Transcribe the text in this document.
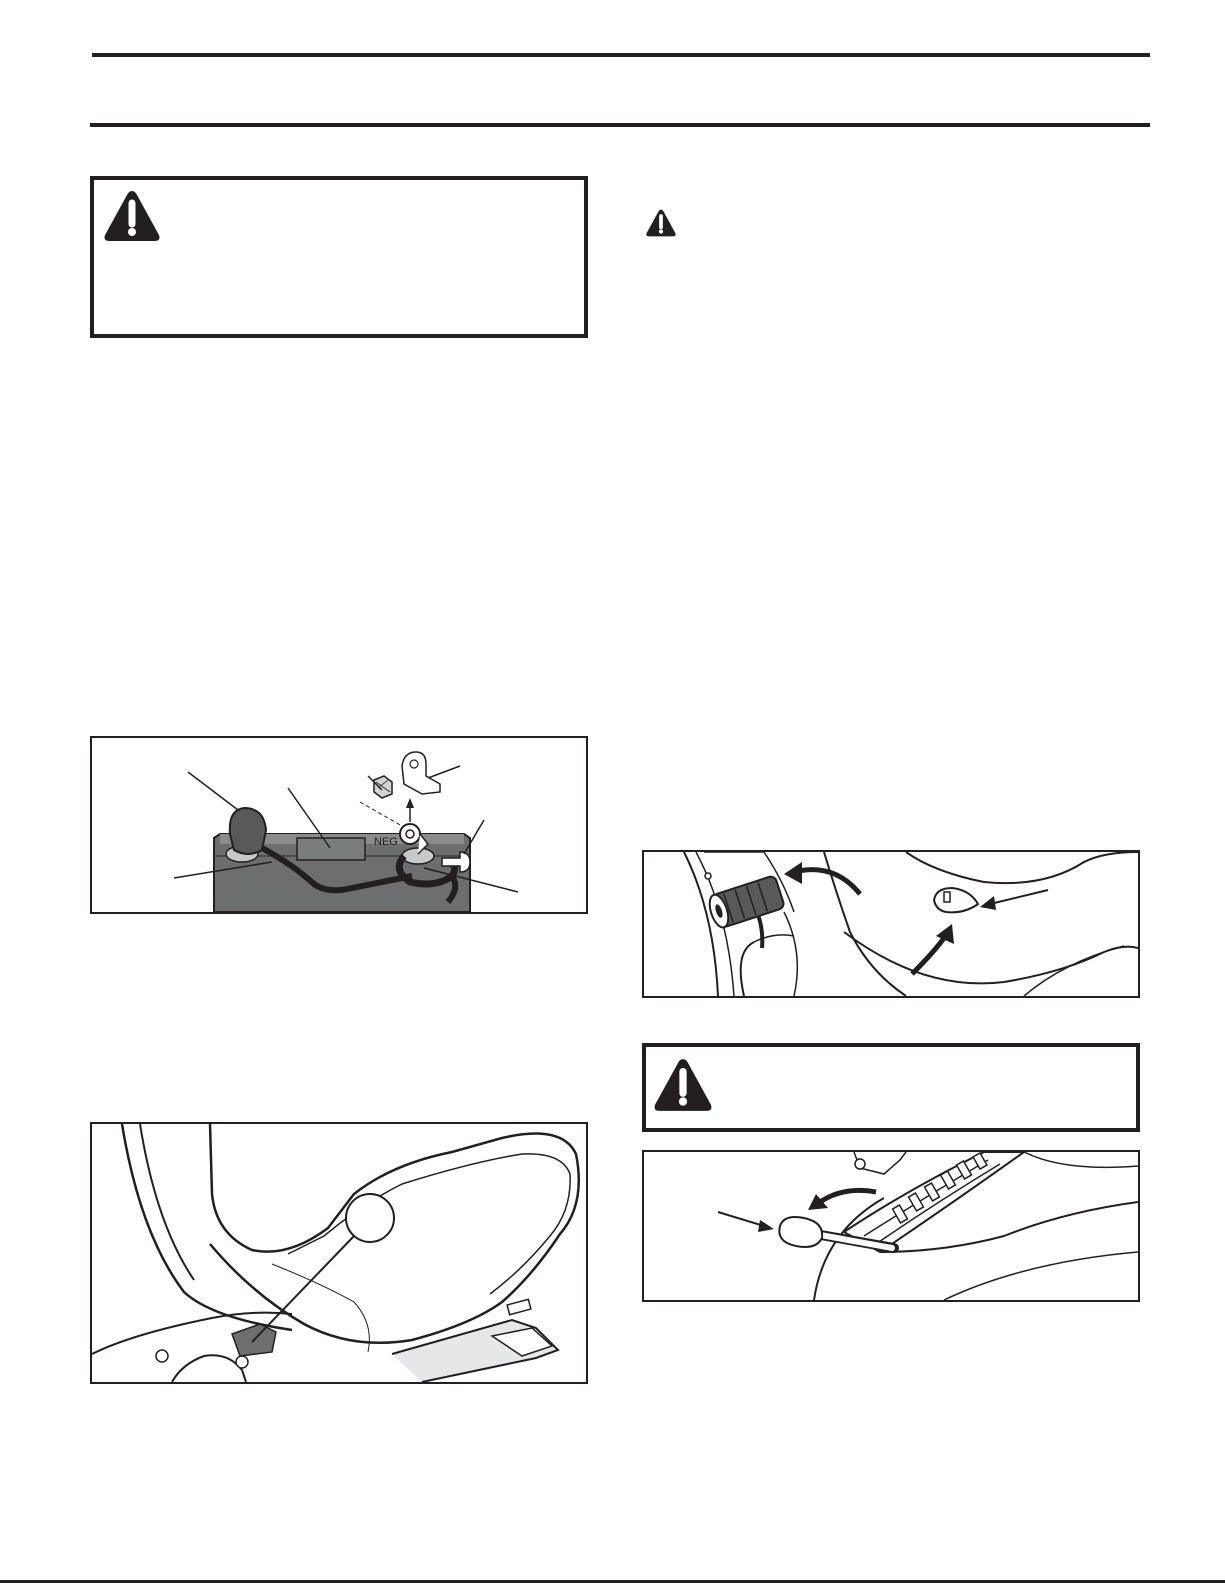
NEG
